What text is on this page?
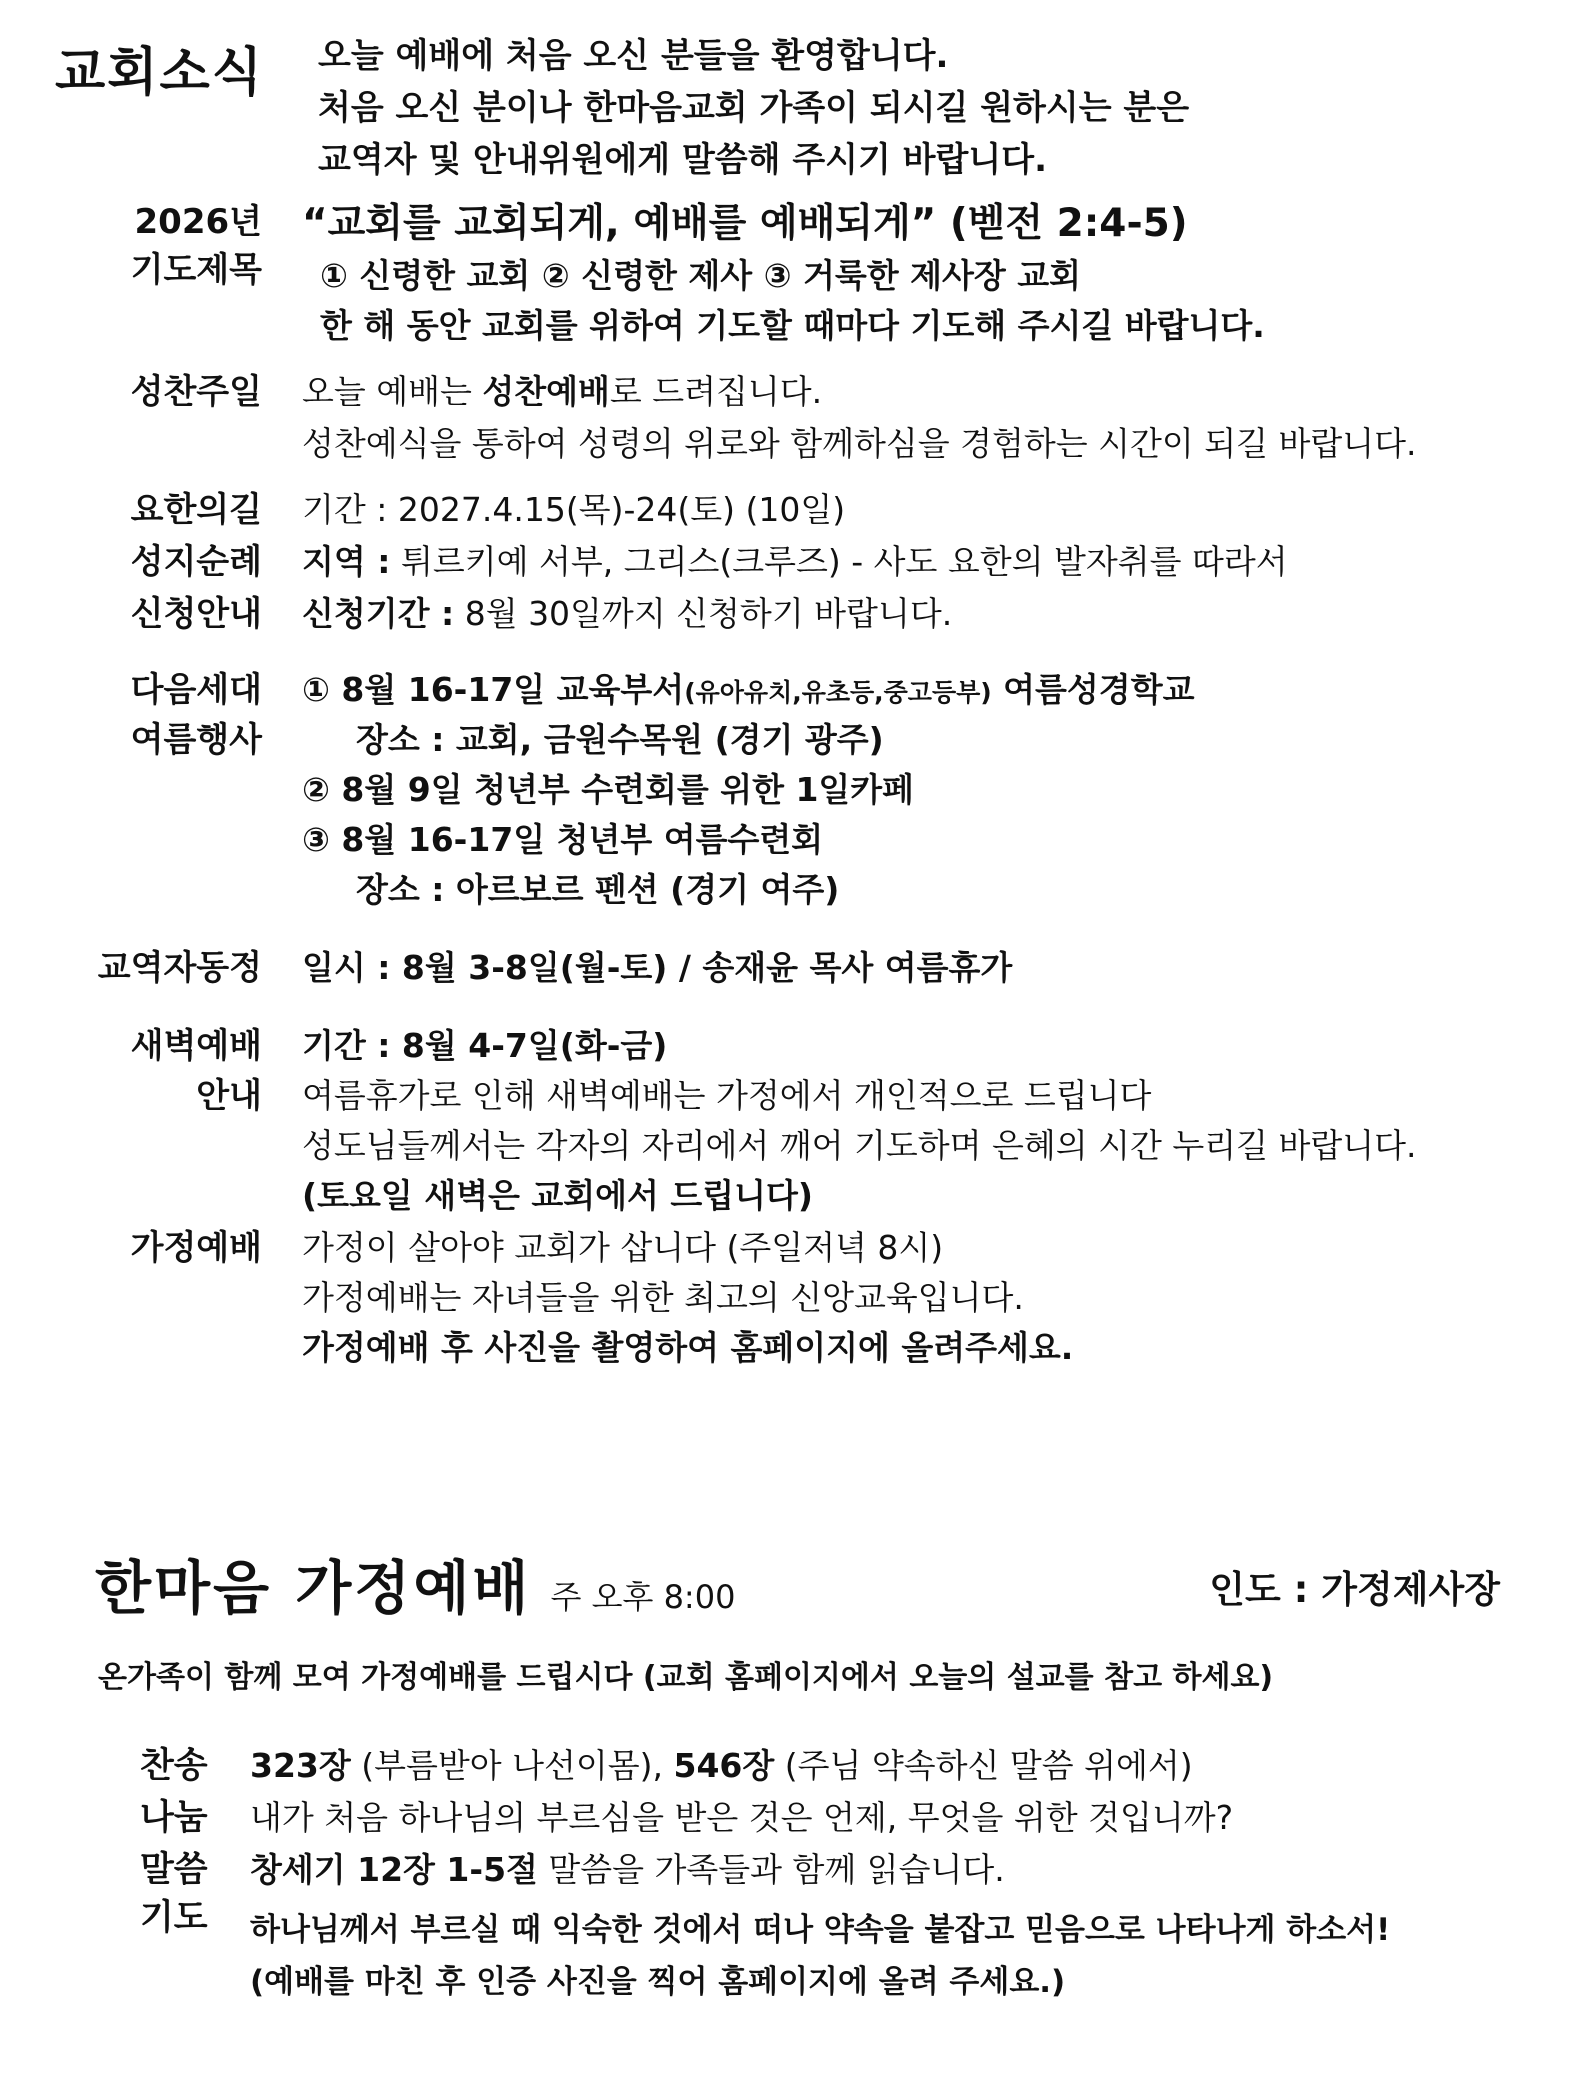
교회소식 오늘 예배에 처음 오신 분들을 환영합니다.
처음 오신 분이나 한마음교회 가족이 되시길 원하시는 분은
교역자 및 안내위원에게 말씀해 주시기 바랍니다.
2026년
기도제목
“교회를 교회되게, 예배를 예배되게” (벧전 2:4-5)
① 신령한 교회 ② 신령한 제사 ③ 거룩한 제사장 교회
한 해 동안 교회를 위하여 기도할 때마다 기도해 주시길 바랍니다.
성찬주일 오늘 예배는 성찬예배로 드려집니다.
성찬예식을 통하여 성령의 위로와 함께하심을 경험하는 시간이 되길 바랍니다.
요한의길
성지순례
신청안내
기간 : 2027.4.15(목)-24(토) (10일)
지역 : 튀르키예 서부, 그리스(크루즈) - 사도 요한의 발자취를 따라서
신청기간 : 8월 30일까지 신청하기 바랍니다.
다음세대
여름행사
① 8월 16-17일 교육부서(유아유치,유초등,중고등부) 여름성경학교
장소 : 교회, 금원수목원 (경기 광주)
② 8월 9일 청년부 수련회를 위한 1일카페
③ 8월 16-17일 청년부 여름수련회
장소 : 아르보르 펜션 (경기 여주)
교역자동정 일시 : 8월 3-8일(월-토) / 송재윤 목사 여름휴가
새벽예배
안내
기간 : 8월 4-7일(화-금)
여름휴가로 인해 새벽예배는 가정에서 개인적으로 드립니다
성도님들께서는 각자의 자리에서 깨어 기도하며 은혜의 시간 누리길 바랍니다.
(토요일 새벽은 교회에서 드립니다)
가정예배 가정이 살아야 교회가 삽니다 (주일저녁 8시)
가정예배는 자녀들을 위한 최고의 신앙교육입니다.
가정예배 후 사진을 촬영하여 홈페이지에 올려주세요.
한마음 가정예배 주 오후 8:00	인도 : 가정제사장
온가족이 함께 모여 가정예배를 드립시다 (교회 홈페이지에서 오늘의 설교를 참고 하세요)
찬송 323장 (부름받아 나선이몸), 546장 (주님 약속하신 말씀 위에서)
나눔 내가 처음 하나님의 부르심을 받은 것은 언제, 무엇을 위한 것입니까?
말씀 창세기 12장 1-5절 말씀을 가족들과 함께 읽습니다.
기도 하나님께서 부르실 때 익숙한 것에서 떠나 약속을 붙잡고 믿음으로 나타나게 하소서!
(예배를 마친 후 인증 사진을 찍어 홈페이지에 올려 주세요.)
